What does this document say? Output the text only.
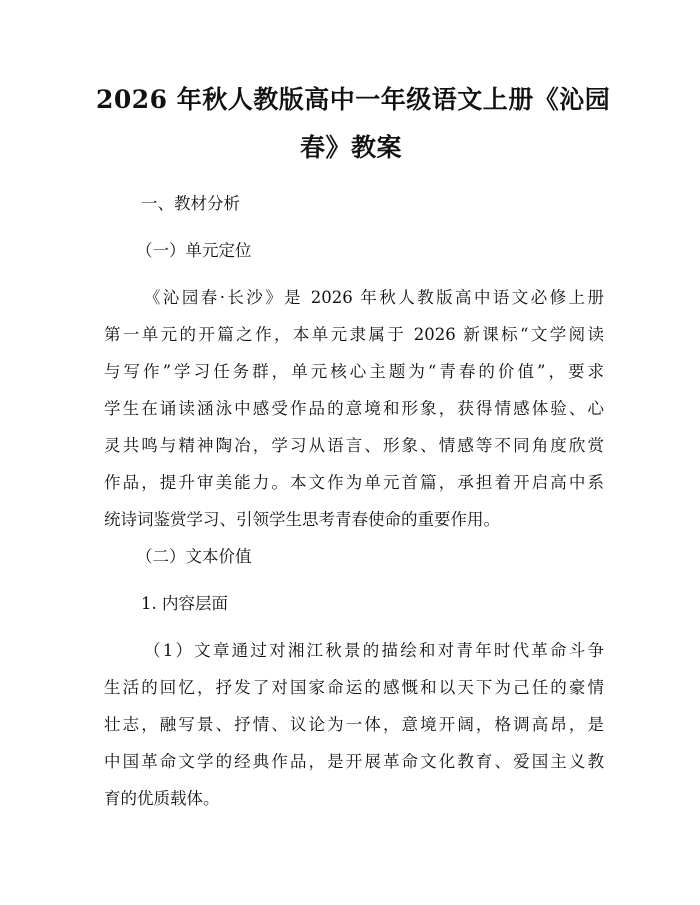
2026 年秋人教版高中一年级语文上册《沁园
春》教案
一、教材分析
（一）单元定位
《沁园春·长沙》是 2026 年秋人教版高中语文必修上册
第一单元的开篇之作，本单元隶属于 2026 新课标“文学阅读
与写作”学习任务群，单元核心主题为“青春的价值”，要求
学生在诵读涵泳中感受作品的意境和形象，获得情感体验、心
灵共鸣与精神陶冶，学习从语言、形象、情感等不同角度欣赏
作品，提升审美能力。本文作为单元首篇，承担着开启高中系
统诗词鉴赏学习、引领学生思考青春使命的重要作用。
（二）文本价值
1. 内容层面
（1）文章通过对湘江秋景的描绘和对青年时代革命斗争
生活的回忆，抒发了对国家命运的感慨和以天下为己任的豪情
壮志，融写景、抒情、议论为一体，意境开阔，格调高昂，是
中国革命文学的经典作品，是开展革命文化教育、爱国主义教
育的优质载体。
